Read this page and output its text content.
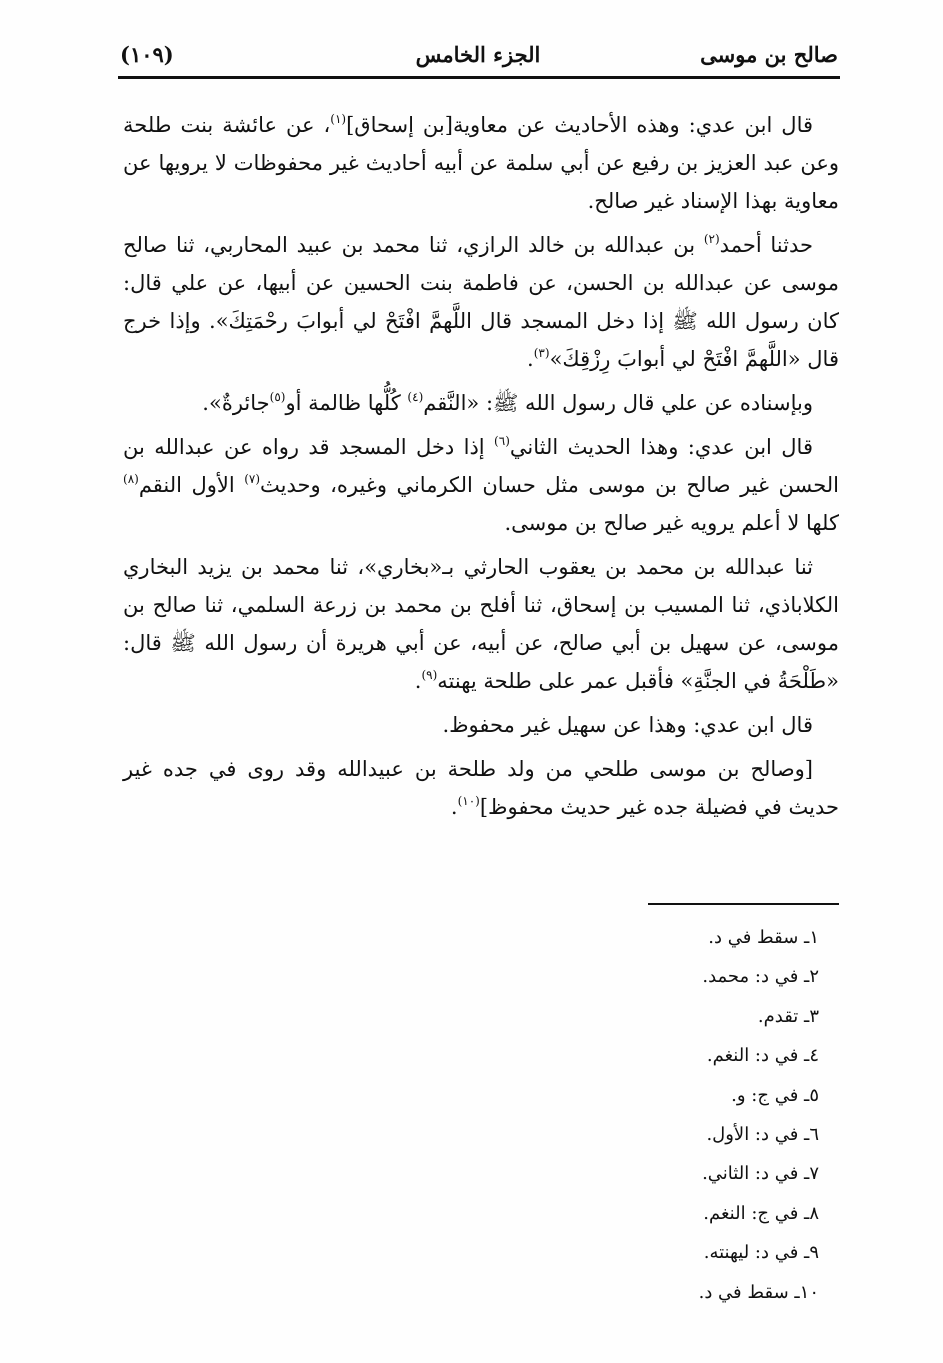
(١٠٩)	الجزء الخامس	صالح بن موسى

قال ابن عدي: وهذه الأحاديث عن معاوية[بن إسحاق]$^{(١)}$، عن عائشة بنت طلحة وعن عبد العزيز بن رفيع عن أبي سلمة عن أبيه أحاديث غير محفوظات لا يرويها عن معاوية بهذا الإسناد غير صالح.

حدثنا أحمد$^{(٢)}$ بن عبدالله بن خالد الرازي، ثنا محمد بن عبيد المحاربي، ثنا صالح موسى عن عبدالله بن الحسن، عن فاطمة بنت الحسين عن أبيها، عن علي قال: كان رسول الله ﷺ إذا دخل المسجد قال اللَّهمَّ افْتَحْ لي أبوابَ رحْمَتِكَ». وإذا خرج قال «اللَّهمَّ افْتَحْ لي أبوابَ رِزْقِكَ»$^{(٣)}$.

وبإسناده عن علي قال رسول الله ﷺ: «النَّقم$^{(٤)}$ كُلُّها ظالمة أو$^{(٥)}$جائرةٌ».

قال ابن عدي: وهذا الحديث الثاني$^{(٦)}$ إذا دخل المسجد قد رواه عن عبدالله بن الحسن غير صالح بن موسى مثل حسان الكرماني وغيره، وحديث$^{(٧)}$ الأول النقم$^{(٨)}$ كلها لا أعلم يرويه غير صالح بن موسى.

ثنا عبدالله بن محمد بن يعقوب الحارثي بـ«بخاري»، ثنا محمد بن يزيد البخاري الكلاباذي، ثنا المسيب بن إسحاق، ثنا أفلح بن محمد بن زرعة السلمي، ثنا صالح بن موسى، عن سهيل بن أبي صالح، عن أبيه، عن أبي هريرة أن رسول الله ﷺ قال: «طَلْحَةُ في الجنَّةِ» فأقبل عمر على طلحة يهنته$^{(٩)}$.

قال ابن عدي: وهذا عن سهيل غير محفوظ.

[وصالح بن موسى طلحي من ولد طلحة بن عبيدالله وقد روى في جده غير حديث في فضيلة جده غير حديث محفوظ]$^{(١٠)}$.

١ـ سقط في د.
٢ـ في د: محمد.
٣ـ تقدم.
٤ـ في د: النغم.
٥ـ في ج: و.
٦ـ في د: الأول.
٧ـ في د: الثاني.
٨ـ في ج: النغم.
٩ـ في د: ليهنته.
١٠ـ سقط في د.
